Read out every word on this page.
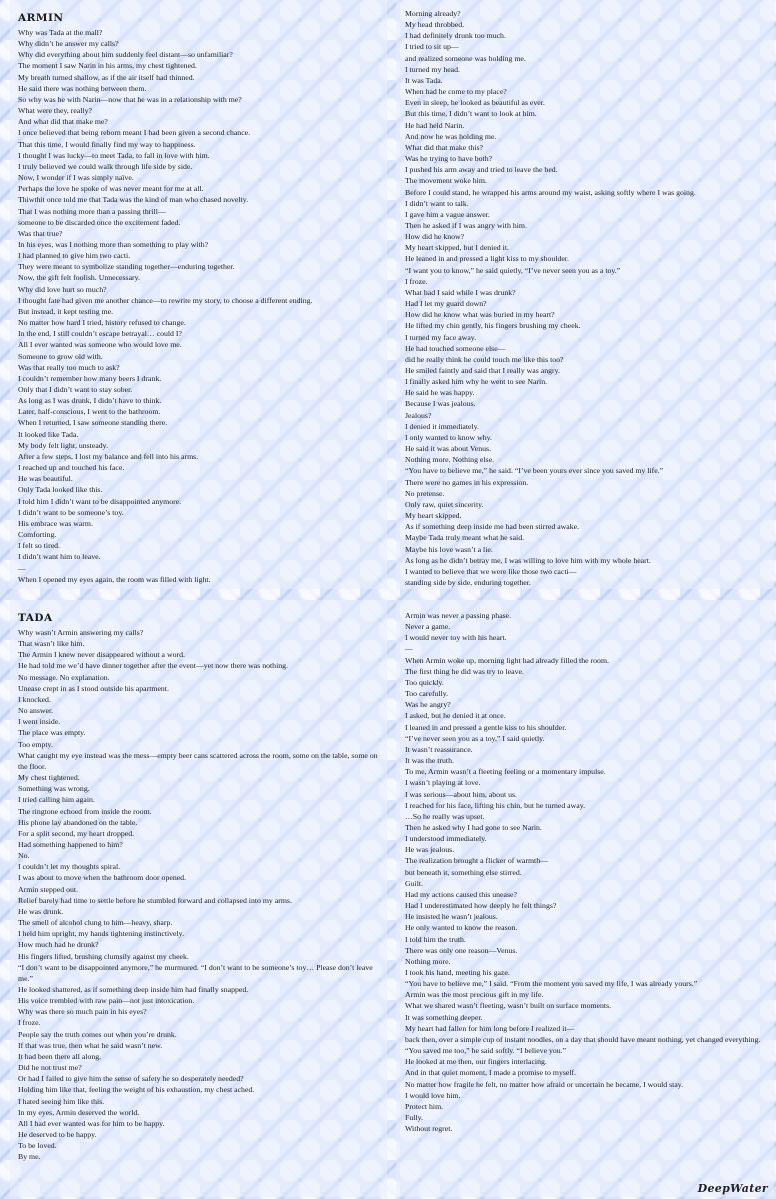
ARMIN
Why was Tada at the mall?
Why didn’t he answer my calls?
Why did everything about him suddenly feel distant—so unfamiliar?
The moment I saw Narin in his arms, my chest tightened.
My breath turned shallow, as if the air itself had thinned.
He said there was nothing between them.
So why was he with Narin—now that he was in a relationship with me?
What were they, really?
And what did that make me?
I once believed that being reborn meant I had been given a second chance.
That this time, I would finally find my way to happiness.
I thought I was lucky—to meet Tada, to fall in love with him.
I truly believed we could walk through life side by side.
Now, I wonder if I was simply naïve.
Perhaps the love he spoke of was never meant for me at all.
Thiwthit once told me that Tada was the kind of man who chased novelty.
That I was nothing more than a passing thrill—
someone to be discarded once the excitement faded.
Was that true?
In his eyes, was I nothing more than something to play with?
I had planned to give him two cacti.
They were meant to symbolize standing together—enduring together.
Now, the gift felt foolish. Unnecessary.
Why did love hurt so much?
I thought fate had given me another chance—to rewrite my story, to choose a different ending.
But instead, it kept testing me.
No matter how hard I tried, history refused to change.
In the end, I still couldn’t escape betrayal… could I?
All I ever wanted was someone who would love me.
Someone to grow old with.
Was that really too much to ask?
I couldn’t remember how many beers I drank.
Only that I didn’t want to stay sober.
As long as I was drunk, I didn’t have to think.
Later, half-conscious, I went to the bathroom.
When I returned, I saw someone standing there.
It looked like Tada.
My body felt light, unsteady.
After a few steps, I lost my balance and fell into his arms.
I reached up and touched his face.
He was beautiful.
Only Tada looked like this.
I told him I didn’t want to be disappointed anymore.
I didn’t want to be someone’s toy.
His embrace was warm.
Comforting.
I felt so tired.
I didn’t want him to leave.
—
When I opened my eyes again, the room was filled with light.
Morning already?
My head throbbed.
I had definitely drunk too much.
I tried to sit up—
and realized someone was holding me.
I turned my head.
It was Tada.
When had he come to my place?
Even in sleep, he looked as beautiful as ever.
But this time, I didn’t want to look at him.
He had held Narin.
And now he was holding me.
What did that make this?
Was he trying to have both?
I pushed his arm away and tried to leave the bed.
The movement woke him.
Before I could stand, he wrapped his arms around my waist, asking softly where I was going.
I didn’t want to talk.
I gave him a vague answer.
Then he asked if I was angry with him.
How did he know?
My heart skipped, but I denied it.
He leaned in and pressed a light kiss to my shoulder.
“I want you to know,” he said quietly, “I’ve never seen you as a toy.”
I froze.
What had I said while I was drunk?
Had I let my guard down?
How did he know what was buried in my heart?
He lifted my chin gently, his fingers brushing my cheek.
I turned my face away.
He had touched someone else—
did he really think he could touch me like this too?
He smiled faintly and said that I really was angry.
I finally asked him why he went to see Narin.
He said he was happy.
Because I was jealous.
Jealous?
I denied it immediately.
I only wanted to know why.
He said it was about Venus.
Nothing more. Nothing else.
“You have to believe me,” he said. “I’ve been yours ever since you saved my life.”
There were no games in his expression.
No pretense.
Only raw, quiet sincerity.
My heart skipped.
As if something deep inside me had been stirred awake.
Maybe Tada truly meant what he said.
Maybe his love wasn’t a lie.
As long as he didn’t betray me, I was willing to love him with my whole heart.
I wanted to believe that we were like those two cacti—
standing side by side, enduring together.
TADA
Why wasn’t Armin answering my calls?
That wasn’t like him.
The Armin I knew never disappeared without a word.
He had told me we’d have dinner together after the event—yet now there was nothing.
No message. No explanation.
Unease crept in as I stood outside his apartment.
I knocked.
No answer.
I went inside.
The place was empty.
Too empty.
What caught my eye instead was the mess—empty beer cans scattered across the room, some on the table, some on the floor.
My chest tightened.
Something was wrong.
I tried calling him again.
The ringtone echoed from inside the room.
His phone lay abandoned on the table.
For a split second, my heart dropped.
Had something happened to him?
No.
I couldn’t let my thoughts spiral.
I was about to move when the bathroom door opened.
Armin stepped out.
Relief barely had time to settle before he stumbled forward and collapsed into my arms.
He was drunk.
The smell of alcohol clung to him—heavy, sharp.
I held him upright, my hands tightening instinctively.
How much had he drunk?
His fingers lifted, brushing clumsily against my cheek.
“I don’t want to be disappointed anymore,” he murmured. “I don’t want to be someone’s toy… Please don’t leave me.”
He looked shattered, as if something deep inside him had finally snapped.
His voice trembled with raw pain—not just intoxication.
Why was there so much pain in his eyes?
I froze.
People say the truth comes out when you’re drunk.
If that was true, then what he said wasn’t new.
It had been there all along.
Did he not trust me?
Or had I failed to give him the sense of safety he so desperately needed?
Holding him like that, feeling the weight of his exhaustion, my chest ached.
I hated seeing him like this.
In my eyes, Armin deserved the world.
All I had ever wanted was for him to be happy.
He deserved to be happy.
To be loved.
By me.
Armin was never a passing phase.
Never a game.
I would never toy with his heart.
—
When Armin woke up, morning light had already filled the room.
The first thing he did was try to leave.
Too quickly.
Too carefully.
Was he angry?
I asked, but he denied it at once.
I leaned in and pressed a gentle kiss to his shoulder.
“I’ve never seen you as a toy,” I said quietly.
It wasn’t reassurance.
It was the truth.
To me, Armin wasn’t a fleeting feeling or a momentary impulse.
I wasn’t playing at love.
I was serious—about him, about us.
I reached for his face, lifting his chin, but he turned away.
…So he really was upset.
Then he asked why I had gone to see Narin.
I understood immediately.
He was jealous.
The realization brought a flicker of warmth—
but beneath it, something else stirred.
Guilt.
Had my actions caused this unease?
Had I underestimated how deeply he felt things?
He insisted he wasn’t jealous.
He only wanted to know the reason.
I told him the truth.
There was only one reason—Venus.
Nothing more.
I took his hand, meeting his gaze.
“You have to believe me,” I said. “From the moment you saved my life, I was already yours.”
Armin was the most precious gift in my life.
What we shared wasn’t fleeting, wasn’t built on surface moments.
It was something deeper.
My heart had fallen for him long before I realized it—
back then, over a simple cup of instant noodles, on a day that should have meant nothing, yet changed everything.
“You saved me too,” he said softly. “I believe you.”
He looked at me then, our fingers interlacing.
And in that quiet moment, I made a promise to myself.
No matter how fragile he felt, no matter how afraid or uncertain he became, I would stay.
I would love him.
Protect him.
Fully.
Without regret.
DeepWater
